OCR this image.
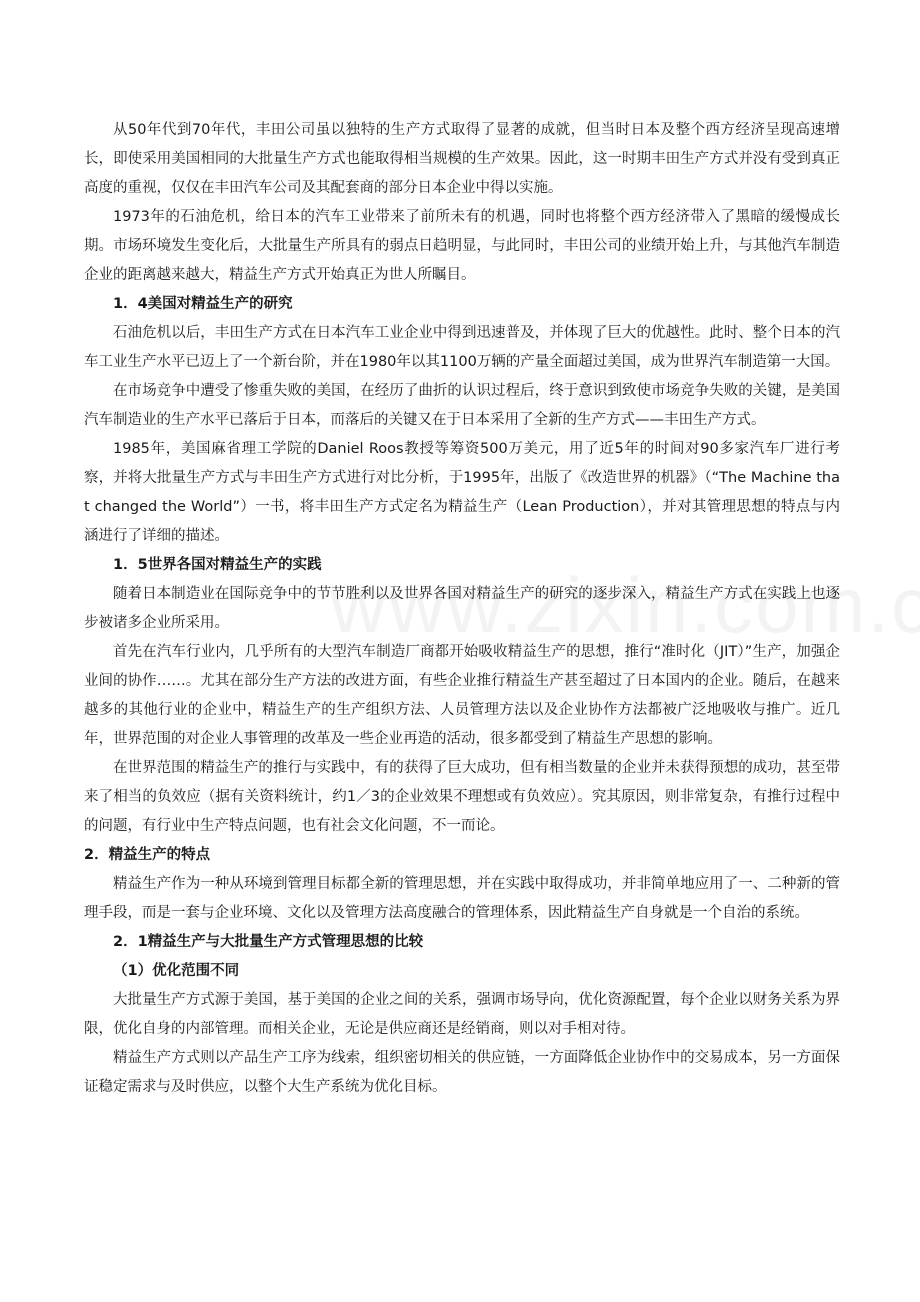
从50年代到70年代，丰田公司虽以独特的生产方式取得了显著的成就，但当时日本及整个西方经济呈现高速增长，即使采用美国相同的大批量生产方式也能取得相当规模的生产效果。因此，这一时期丰田生产方式并没有受到真正高度的重视，仅仅在丰田汽车公司及其配套商的部分日本企业中得以实施。

1973年的石油危机，给日本的汽车工业带来了前所未有的机遇，同时也将整个西方经济带入了黑暗的缓慢成长期。市场环境发生变化后，大批量生产所具有的弱点日趋明显，与此同时，丰田公司的业绩开始上升，与其他汽车制造企业的距离越来越大，精益生产方式开始真正为世人所瞩目。

1．4美国对精益生产的研究

石油危机以后，丰田生产方式在日本汽车工业企业中得到迅速普及，并体现了巨大的优越性。此时、整个日本的汽车工业生产水平已迈上了一个新台阶，并在1980年以其1100万辆的产量全面超过美国，成为世界汽车制造第一大国。

在市场竞争中遭受了惨重失败的美国，在经历了曲折的认识过程后，终于意识到致使市场竞争失败的关键，是美国汽车制造业的生产水平已落后于日本，而落后的关键又在于日本采用了全新的生产方式——丰田生产方式。

1985年，美国麻省理工学院的Daniel Roos教授等筹资500万美元，用了近5年的时间对90多家汽车厂进行考察，并将大批量生产方式与丰田生产方式进行对比分析，于1995年，出版了《改造世界的机器》（“The Machine that changed the World”）一书，将丰田生产方式定名为精益生产（Lean Production），并对其管理思想的特点与内涵进行了详细的描述。

1．5世界各国对精益生产的实践

随着日本制造业在国际竞争中的节节胜利以及世界各国对精益生产的研究的逐步深入，精益生产方式在实践上也逐步被诸多企业所采用。

首先在汽车行业内，几乎所有的大型汽车制造厂商都开始吸收精益生产的思想，推行“准时化（JIT）”生产，加强企业间的协作……。尤其在部分生产方法的改进方面，有些企业推行精益生产甚至超过了日本国内的企业。随后，在越来越多的其他行业的企业中，精益生产的生产组织方法、人员管理方法以及企业协作方法都被广泛地吸收与推广。近几年，世界范围的对企业人事管理的改革及一些企业再造的活动，很多都受到了精益生产思想的影响。

在世界范围的精益生产的推行与实践中，有的获得了巨大成功，但有相当数量的企业并未获得预想的成功，甚至带来了相当的负效应（据有关资料统计，约1／3的企业效果不理想或有负效应）。究其原因，则非常复杂，有推行过程中的问题，有行业中生产特点问题，也有社会文化问题，不一而论。

2．精益生产的特点

精益生产作为一种从环境到管理目标都全新的管理思想，并在实践中取得成功，并非简单地应用了一、二种新的管理手段，而是一套与企业环境、文化以及管理方法高度融合的管理体系，因此精益生产自身就是一个自治的系统。

2．1精益生产与大批量生产方式管理思想的比较
（1）优化范围不同

大批量生产方式源于美国，基于美国的企业之间的关系，强调市场导向，优化资源配置，每个企业以财务关系为界限，优化自身的内部管理。而相关企业，无论是供应商还是经销商，则以对手相对待。

精益生产方式则以产品生产工序为线索，组织密切相关的供应链，一方面降低企业协作中的交易成本，另一方面保证稳定需求与及时供应，以整个大生产系统为优化目标。
